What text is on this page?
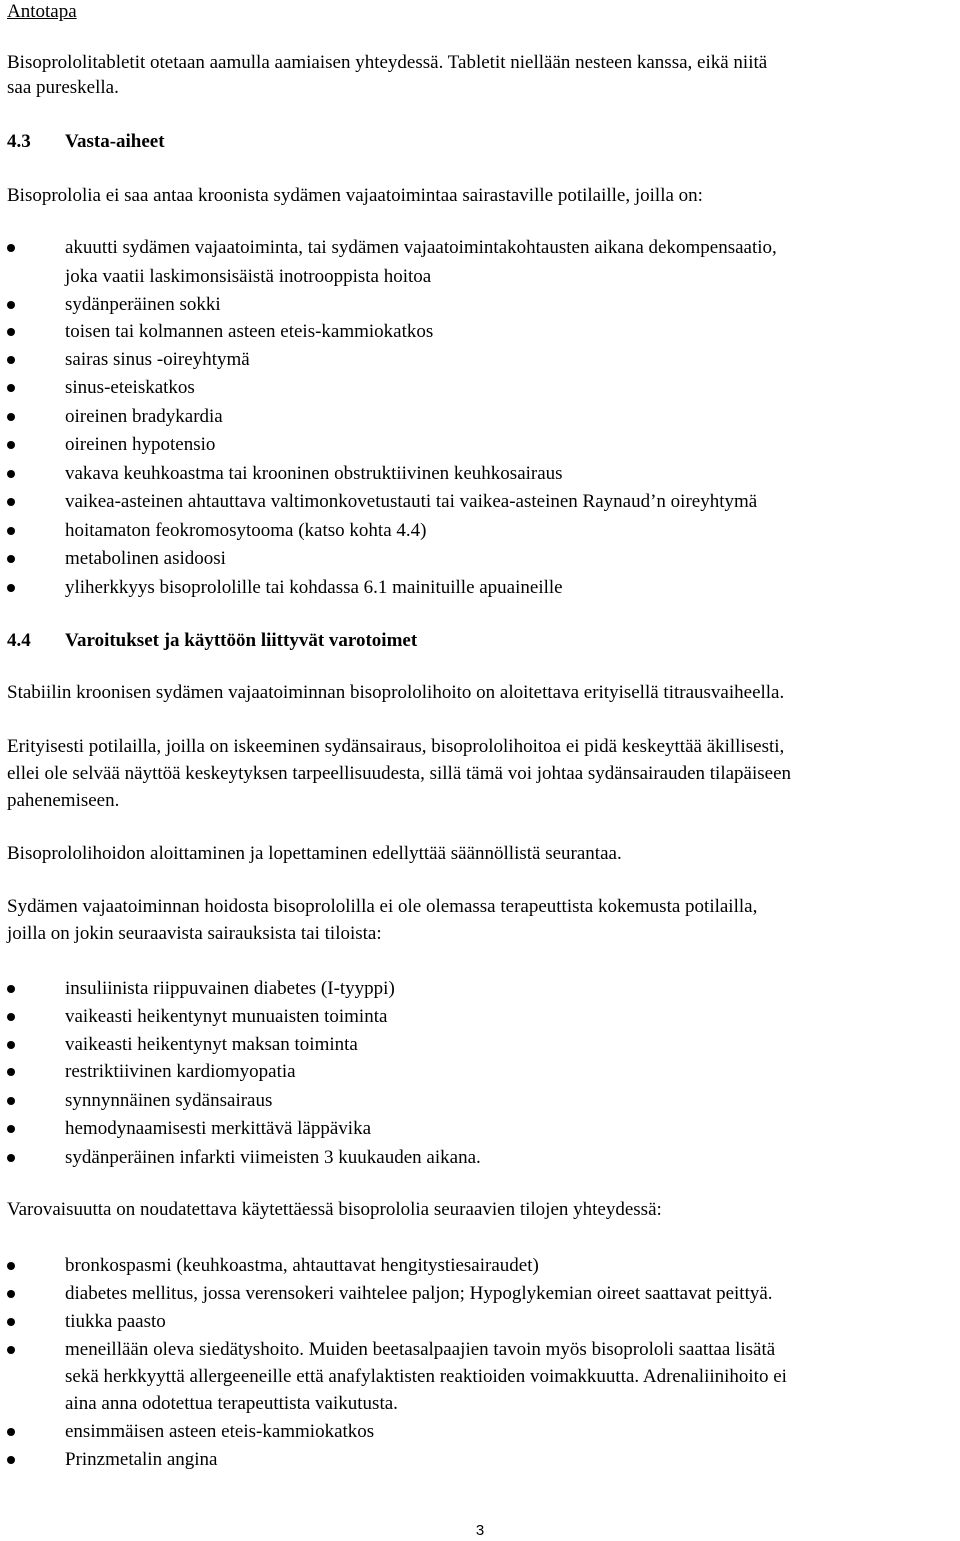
Antotapa

Bisoprololitabletit otetaan aamulla aamiaisen yhteydessä. Tabletit niellään nesteen kanssa, eikä niitä

saa pureskella.

4.3 Vasta-aiheet

Bisoprololia ei saa antaa kroonista sydämen vajaatoimintaa sairastaville potilaille, joilla on:

akuutti sydämen vajaatoiminta, tai sydämen vajaatoimintakohtausten aikana dekompensaatio,
joka vaatii laskimonsisäistä inotrooppista hoitoa
sydänperäinen sokki
toisen tai kolmannen asteen eteis-kammiokatkos
sairas sinus -oireyhtymä
sinus-eteiskatkos
oireinen bradykardia
oireinen hypotensio
vakava keuhkoastma tai krooninen obstruktiivinen keuhkosairaus
vaikea-asteinen ahtauttava valtimonkovetustauti tai vaikea-asteinen Raynaud’n oireyhtymä
hoitamaton feokromosytooma (katso kohta 4.4)
metabolinen asidoosi
yliherkkyys bisoprololille tai kohdassa 6.1 mainituille apuaineille

4.4 Varoitukset ja käyttöön liittyvät varotoimet

Stabiilin kroonisen sydämen vajaatoiminnan bisoprololihoito on aloitettava erityisellä titrausvaiheella.

Erityisesti potilailla, joilla on iskeeminen sydänsairaus, bisoprololihoitoa ei pidä keskeyttää äkillisesti,

ellei ole selvää näyttöä keskeytyksen tarpeellisuudesta, sillä tämä voi johtaa sydänsairauden tilapäiseen

pahenemiseen.

Bisoprololihoidon aloittaminen ja lopettaminen edellyttää säännöllistä seurantaa.

Sydämen vajaatoiminnan hoidosta bisoprololilla ei ole olemassa terapeuttista kokemusta potilailla,

joilla on jokin seuraavista sairauksista tai tiloista:

insuliinista riippuvainen diabetes (I-tyyppi)
vaikeasti heikentynyt munuaisten toiminta
vaikeasti heikentynyt maksan toiminta
restriktiivinen kardiomyopatia
synnynnäinen sydänsairaus
hemodynaamisesti merkittävä läppävika
sydänperäinen infarkti viimeisten 3 kuukauden aikana.

Varovaisuutta on noudatettava käytettäessä bisoprololia seuraavien tilojen yhteydessä:

bronkospasmi (keuhkoastma, ahtauttavat hengitystiesairaudet)
diabetes mellitus, jossa verensokeri vaihtelee paljon; Hypoglykemian oireet saattavat peittyä.
tiukka paasto
meneillään oleva siedätyshoito. Muiden beetasalpaajien tavoin myös bisoprololi saattaa lisätä
sekä herkkyyttä allergeeneille että anafylaktisten reaktioiden voimakkuutta. Adrenaliinihoito ei
aina anna odotettua terapeuttista vaikutusta.
ensimmäisen asteen eteis-kammiokatkos
Prinzmetalin angina
3
